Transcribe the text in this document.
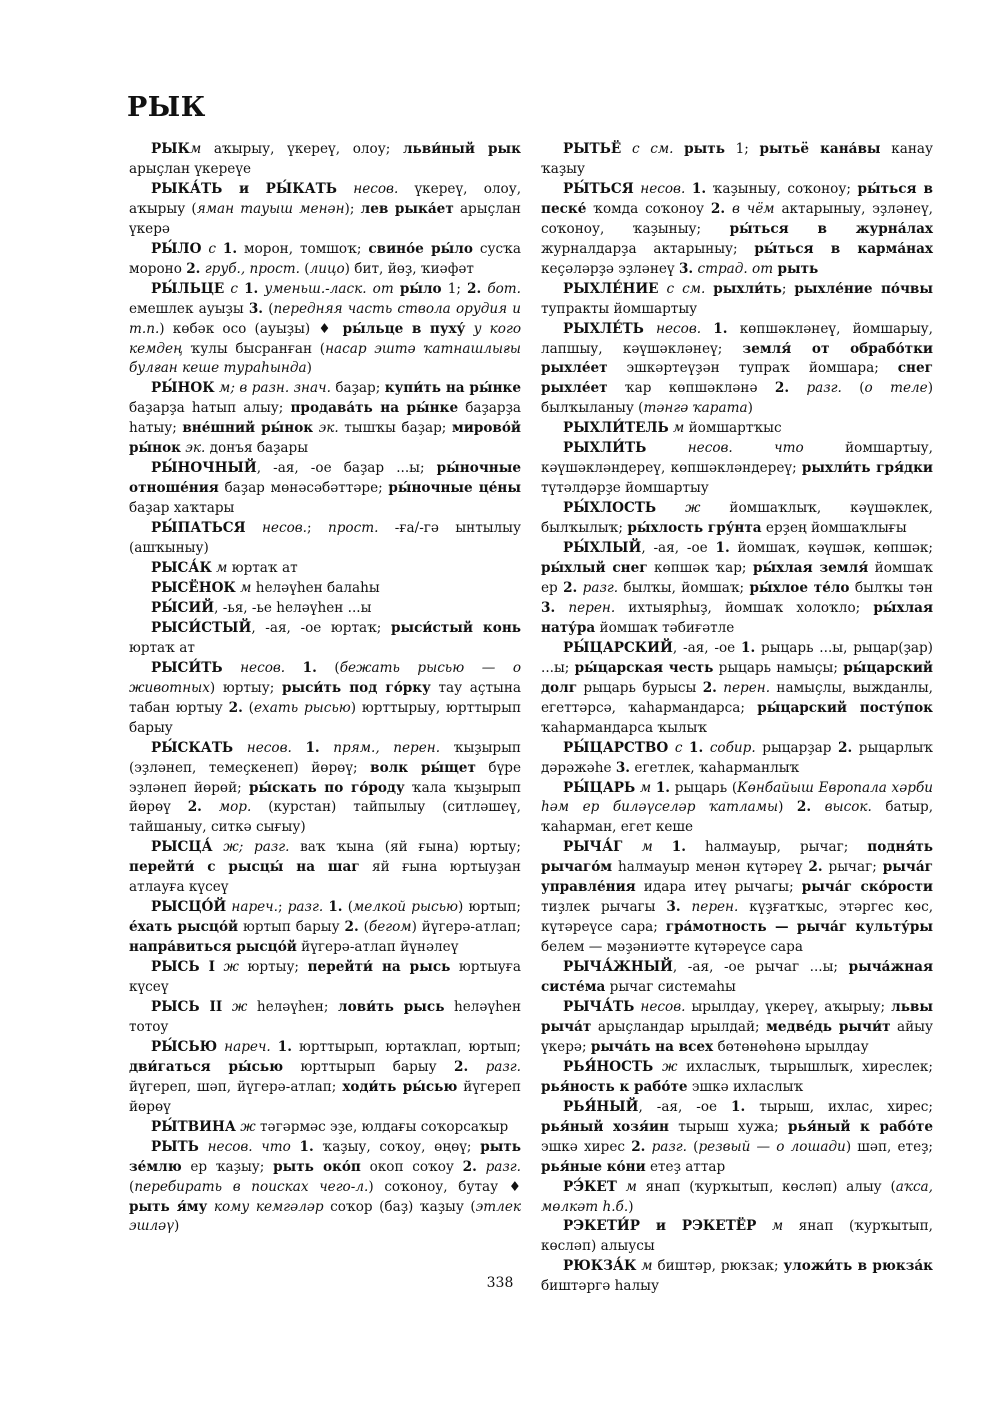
РЫК

РЫКм аҡырыу, үкереү, олоу; льви́ный рык арыҫлан үкереүе

РЫКА́ТЬ и РЫ́КАТЬ несов. үкереү, олоу, аҡырыу (яман тауыш менән); лев рыка́ет арыҫлан үкерә

РЫ́ЛО с 1. морон, томшоҡ; свино́е ры́ло сусҡа мороно 2. груб., прост. (лицо) бит, йөҙ, ҡиәфәт

РЫ́ЛЬЦЕ с 1. уменьш.-ласк. от ры́ло 1; 2. бот. емешлек ауыҙы 3. (передняя часть ствола орудия и т.п.) көбәк осо (ауыҙы) ♦ ры́льце в пуху́ у кого кемдең ҡулы бысранған (насар эштә ҡатнашлығы булған кеше тураһында)

РЫ́НОК м; в разн. знач. баҙар; купи́ть на ры́нке баҙарҙа һатып алыу; продава́ть на ры́нке баҙарҙа һатыу; вне́шний ры́нок эк. тышҡы баҙар; мирово́й ры́нок эк. донъя баҙары

РЫ́НОЧНЫЙ, -ая, -ое баҙар ...ы; ры́ночные отноше́ния баҙар мөнәсәбәттәре; ры́ночные це́ны баҙар хаҡтары

РЫ́ПАТЬСЯ несов.; прост. -ға/-гә ынтылыу (ашҡыныу)

РЫСА́К м юртаҡ ат

РЫСЁНОК м һеләүһен балаһы

РЫ́СИЙ, -ья, -ье һеләүһен ...ы

РЫСИ́СТЫЙ, -ая, -ое юртаҡ; рыси́стый конь юртаҡ ат

РЫСИ́ТЬ несов. 1. (бежать рысью — о животных) юртыу; рыси́ть под го́рку тау аҫтына табан юртыу 2. (ехать рысью) юрттырыу, юрттырып барыу

РЫ́СКАТЬ несов. 1. прям., перен. ҡыҙырып (эҙләнеп, темеҫкенеп) йөрөү; волк ры́щет бүре эҙләнеп йөрөй; ры́скать по го́роду ҡала ҡыҙырып йөрөү 2. мор. (курстан) тайпылыу (ситләшеү, тайшаныу, ситкә сығыу)

РЫСЦА́ ж; разг. ваҡ ҡына (яй ғына) юртыу; перейти́ с рысцы́ на шаг яй ғына юртыуҙан атлауға күсеү

РЫСЦО́Й нареч.; разг. 1. (мелкой рысью) юртып; е́хать рысцо́й юртып барыу 2. (бегом) йүгерә-атлап; напра́виться рысцо́й йүгерә-атлап йүнәлеү

РЫСЬ I ж юртыу; перейти́ на рысь юртыуға күсеү

РЫСЬ II ж һеләүһен; лови́ть рысь һеләүһен тотоу

РЫ́СЬЮ нареч. 1. юрттырып, юртаҡлап, юртып; дви́гаться ры́сью юрттырып барыу 2. разг. йүгереп, шәп, йүгерә-атлап; ходи́ть ры́сью йүгереп йөрөү

РЫ́ТВИНА ж тәгәрмәс эҙе, юлдағы соҡорсаҡыр

РЫТЬ несов. что 1. ҡаҙыу, соҡоу, өңөү; рыть зе́млю ер ҡаҙыу; рыть око́п окоп соҡоу 2. разг. (перебирать в поисках чего-л.) соҡоноу, бутау ♦ рыть я́му кому кемгәләр соҡор (баҙ) ҡаҙыу (этлек эшләү)

РЫТЬЁ с см. рыть 1; рытьё кана́вы канау ҡаҙыу

РЫ́ТЬСЯ несов. 1. ҡаҙыныу, соҡоноу; ры́ться в песке́ ҡомда соҡоноу 2. в чём актарыныу, эҙләнеү, соҡоноу, ҡаҙыныу; ры́ться в журна́лах журналдарҙа актарыныу; ры́ться в карма́нах кеҫәләрҙә эҙләнеү 3. страд. от рыть

РЫХЛЕ́НИЕ с см. рыхли́ть; рыхле́ние по́чвы тупракты йомшартыу

РЫХЛЕ́ТЬ несов. 1. көпшәкләнеү, йомшарыу, лапшыу, кәүшәкләнеү; земля́ от обрабо́тки рыхле́ет эшкәртеүҙән тупраҡ йомшара; снег рыхле́ет ҡар көпшәкләнә 2. разг. (о теле) былҡыланыу (тәнгә ҡарата)

РЫХЛИ́ТЕЛЬ м йомшартҡыс

РЫХЛИ́ТЬ несов. что йомшартыу, кәүшәкләндереү, көпшәкләндереү; рыхли́ть гря́дки түтәлдәрҙе йомшартыу

РЫ́ХЛОСТЬ ж йомшаҡлыҡ, кәүшәклек, былҡылыҡ; ры́хлость гру́нта ерҙең йомшаҡлығы

РЫ́ХЛЫЙ, -ая, -ое 1. йомшаҡ, кәүшәк, көпшәк; ры́хлый снег көпшәк ҡар; ры́хлая земля́ йомшаҡ ер 2. разг. былҡы, йомшаҡ; ры́хлое те́ло былҡы тән 3. перен. ихтыярһыҙ, йомшаҡ холоҡло; ры́хлая нату́ра йомшаҡ тәбиғәтле

РЫ́ЦАРСКИЙ, -ая, -ое 1. рыцарь ...ы, рыцар(ҙар) ...ы; ры́царская честь рыцарь намыҫы; ры́царский долг рыцарь бурысы 2. перен. намыҫлы, выжданлы, егеттәрсә, ҡаһармандарса; ры́царский посту́пок ҡаһармандарса ҡылыҡ

РЫ́ЦАРСТВО с 1. собир. рыцарҙар 2. рыцарлыҡ дәрәжәһе 3. егетлек, ҡаһарманлыҡ

РЫ́ЦАРЬ м 1. рыцарь (Көнбайыш Европала хәрби һәм ер биләүселәр ҡатламы) 2. высок. батыр, ҡаһарман, егет кеше

РЫЧА́Г м 1. һалмауыр, рычаг; подня́ть рычаго́м һалмауыр менән күтәреү 2. рычаг; рыча́г управле́ния идара итеү рычагы; рыча́г ско́рости тиҙлек рычагы 3. перен. күҙғатҡыс, этәргес көс, күтәреүсе сара; гра́мотность — рыча́г культу́ры белем — мәҙәниәтте күтәреүсе сара

РЫЧА́ЖНЫЙ, -ая, -ое рычаг ...ы; рыча́жная систе́ма рычаг системаһы

РЫЧА́ТЬ несов. ырылдау, үкереү, аҡырыу; львы рыча́т арыҫландар ырылдай; медве́дь рычи́т айыу үкерә; рыча́ть на всех бөтөнөһөнә ырылдау

РЬЯ́НОСТЬ ж ихласлыҡ, тырышлыҡ, хиреслек; рья́ность к рабо́те эшкә ихласлыҡ

РЬЯ́НЫЙ, -ая, -ое 1. тырыш, ихлас, хирес; рья́ный хозя́ин тырыш хужа; рья́ный к рабо́те эшкә хирес 2. разг. (резвый — о лошади) шәп, етеҙ; рья́ные ко́ни етеҙ аттар

РЭ́КЕТ м янап (ҡурҡытып, көсләп) алыу (аҡса, мөлкәт һ.б.)

РЭКЕТИ́Р и РЭКЕТЁР м янап (ҡурҡытып, көсләп) алыусы

РЮКЗА́К м биштәр, рюкзак; уложи́ть в рюкза́к биштәргә һалыу

338
